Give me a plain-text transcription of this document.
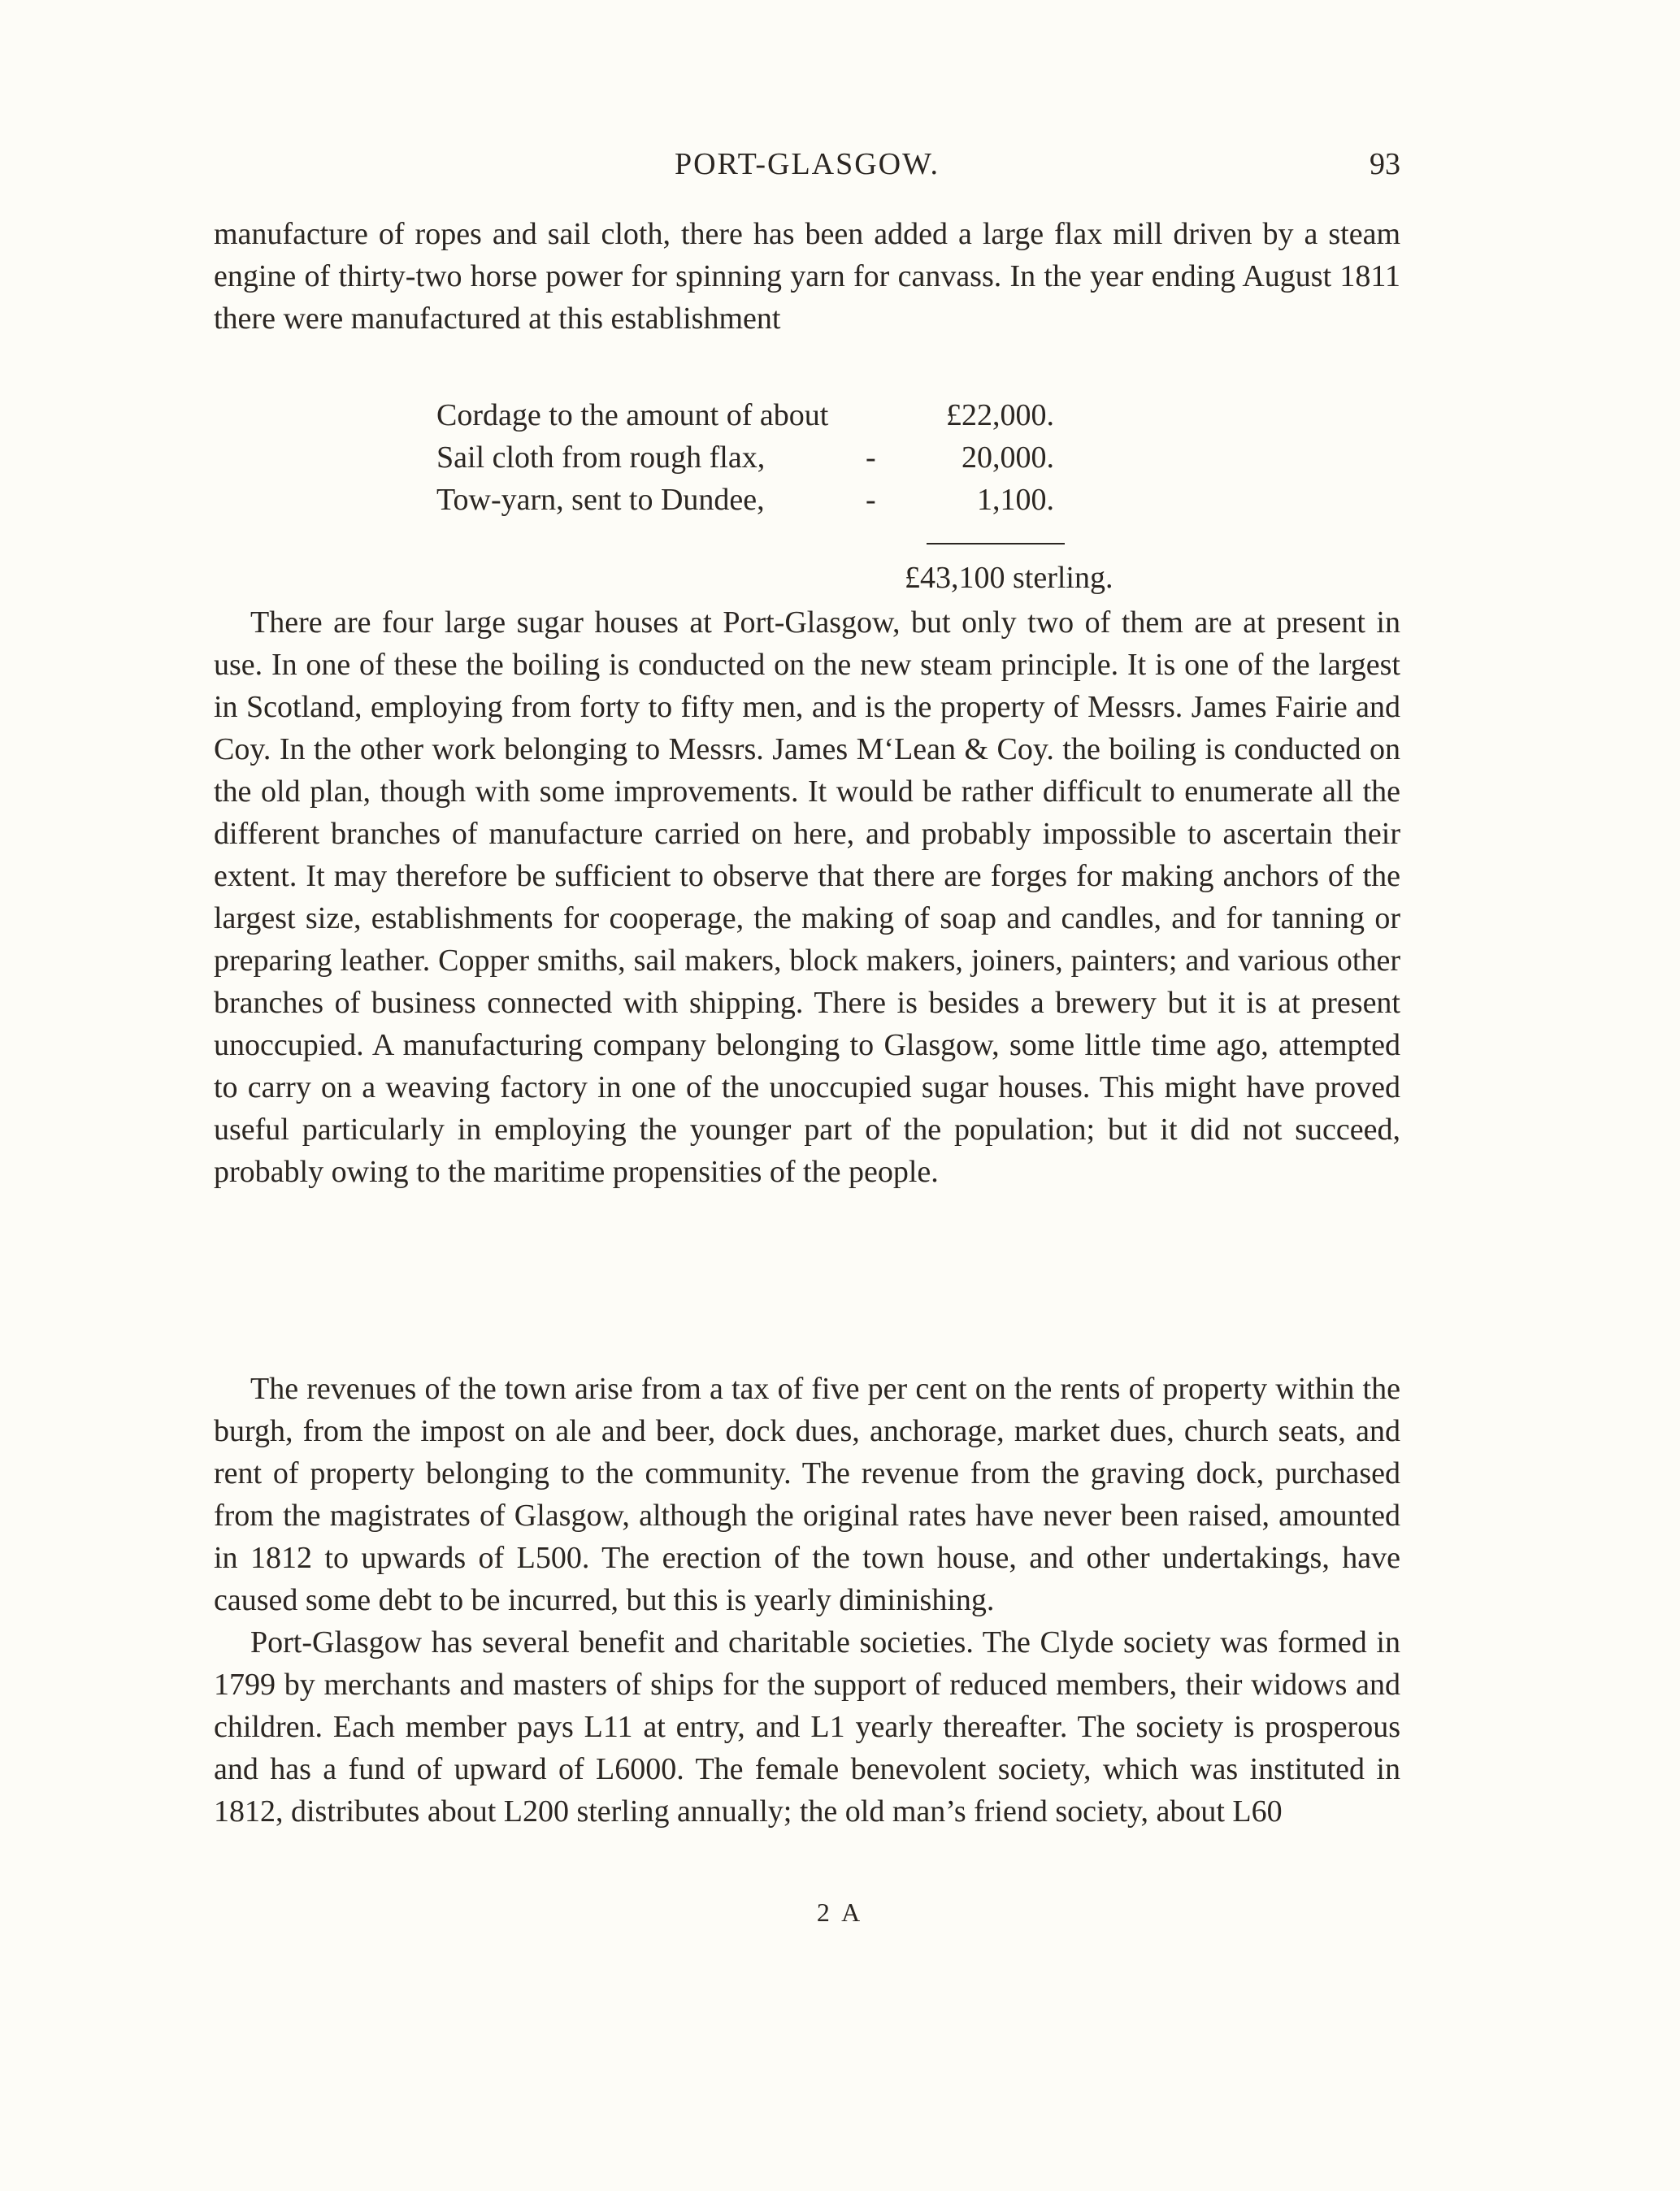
PORT-GLASGOW.	93

manufacture of ropes and sail cloth, there has been added a large flax mill driven by a steam engine of thirty-two horse power for spinning yarn for canvass. In the year ending August 1811 there were manufactured at this establishment

Cordage to the amount of about	£22,000.
Sail cloth from rough flax,	-	20,000.
Tow-yarn, sent to Dundee,	-	1,100.
£43,100 sterling.

There are four large sugar houses at Port-Glasgow, but only two of them are at present in use. In one of these the boiling is conducted on the new steam principle. It is one of the largest in Scotland, employing from forty to fifty men, and is the property of Messrs. James Fairie and Coy. In the other work belonging to Messrs. James M‘Lean & Coy. the boiling is conducted on the old plan, though with some improvements. It would be rather difficult to enumerate all the different branches of manufacture carried on here, and probably impossible to ascertain their extent. It may therefore be sufficient to observe that there are forges for making anchors of the largest size, establishments for cooperage, the making of soap and candles, and for tanning or preparing leather. Copper smiths, sail makers, block makers, joiners, painters; and various other branches of business connected with shipping. There is besides a brewery but it is at present unoccupied. A manufacturing company belonging to Glasgow, some little time ago, attempted to carry on a weaving factory in one of the unoccupied sugar houses. This might have proved useful particularly in employing the younger part of the population; but it did not succeed, probably owing to the maritime propensities of the people.

The revenues of the town arise from a tax of five per cent on the rents of property within the burgh, from the impost on ale and beer, dock dues, anchorage, market dues, church seats, and rent of property belonging to the community. The revenue from the graving dock, purchased from the magistrates of Glasgow, although the original rates have never been raised, amounted in 1812 to upwards of L500. The erection of the town house, and other undertakings, have caused some debt to be incurred, but this is yearly diminishing.

Port-Glasgow has several benefit and charitable societies. The Clyde society was formed in 1799 by merchants and masters of ships for the support of reduced members, their widows and children. Each member pays L11 at entry, and L1 yearly thereafter. The society is prosperous and has a fund of upward of L6000. The female benevolent society, which was instituted in 1812, distributes about L200 sterling annually; the old man’s friend society, about L60

2 A
